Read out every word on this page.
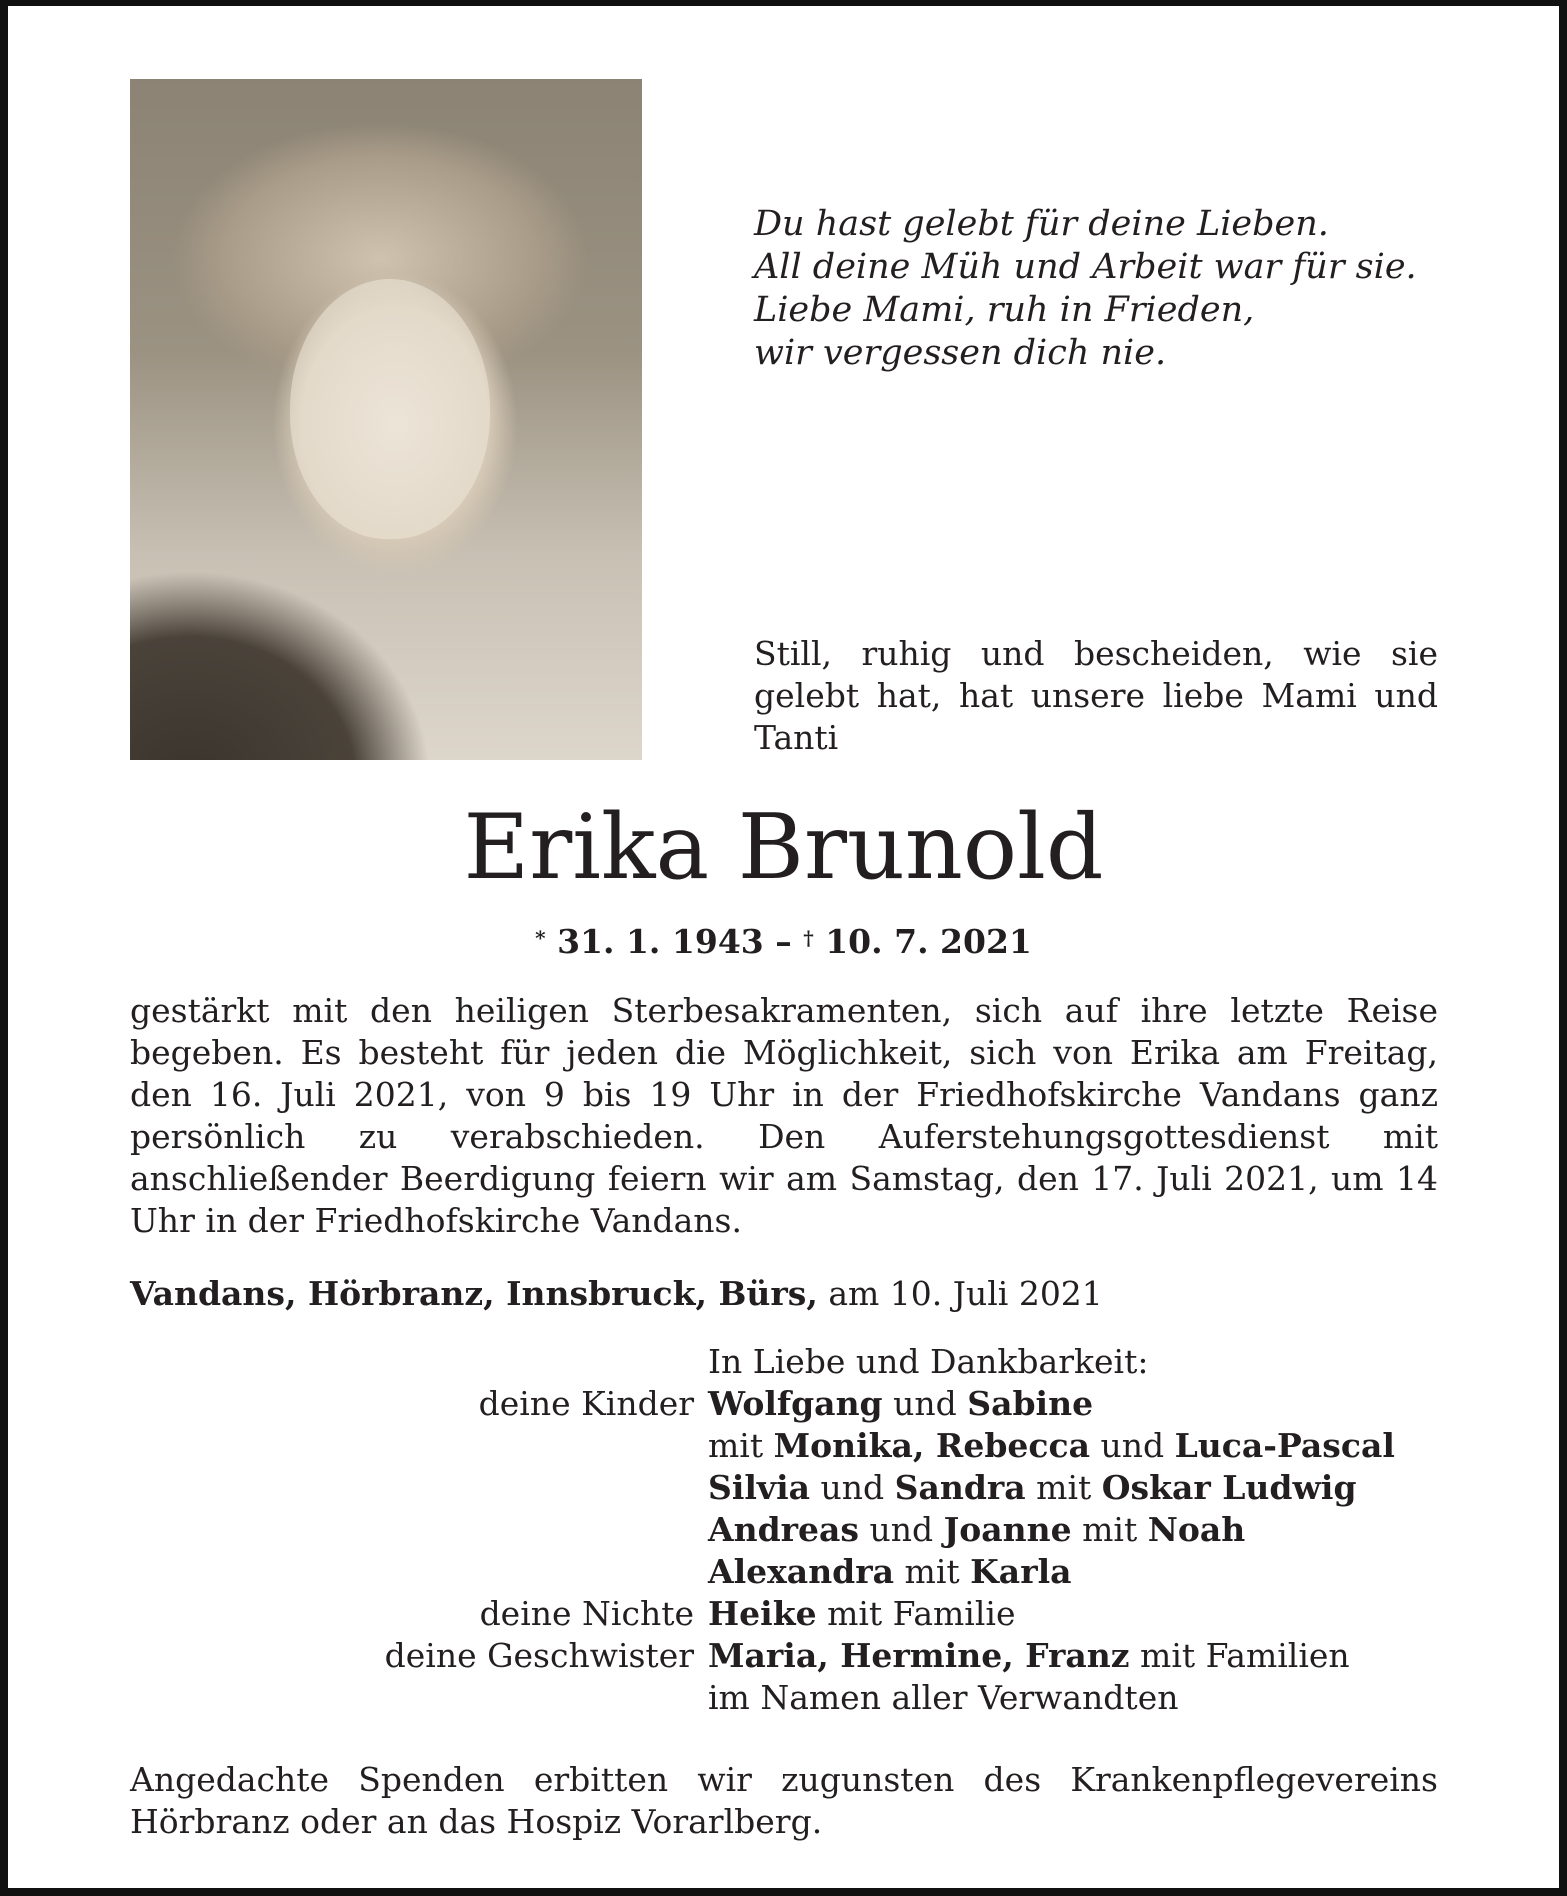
Du hast gelebt für deine Lieben.
All deine Müh und Arbeit war für sie.
Liebe Mami, ruh in Frieden,
wir vergessen dich nie.

Still, ruhig und bescheiden, wie sie gelebt hat, hat unsere liebe Mami und Tanti

Erika Brunold
* 31. 1. 1943 – † 10. 7. 2021

gestärkt mit den heiligen Sterbesakramenten, sich auf ihre letzte Reise begeben. Es besteht für jeden die Möglichkeit, sich von Erika am Freitag, den 16. Juli 2021, von 9 bis 19 Uhr in der Friedhofskirche Vandans ganz persönlich zu verabschieden. Den Auferstehungsgottesdienst mit anschließender Beerdigung feiern wir am Samstag, den 17. Juli 2021, um 14 Uhr in der Friedhofskirche Vandans.

Vandans, Hörbranz, Innsbruck, Bürs, am 10. Juli 2021
In Liebe und Dankbarkeit:
deine Kinder Wolfgang und Sabine
mit Monika, Rebecca und Luca-Pascal
Silvia und Sandra mit Oskar Ludwig
Andreas und Joanne mit Noah
Alexandra mit Karla
deine Nichte Heike mit Familie
deine Geschwister Maria, Hermine, Franz mit Familien
im Namen aller Verwandten

Angedachte Spenden erbitten wir zugunsten des Krankenpflegevereins Hörbranz oder an das Hospiz Vorarlberg.
